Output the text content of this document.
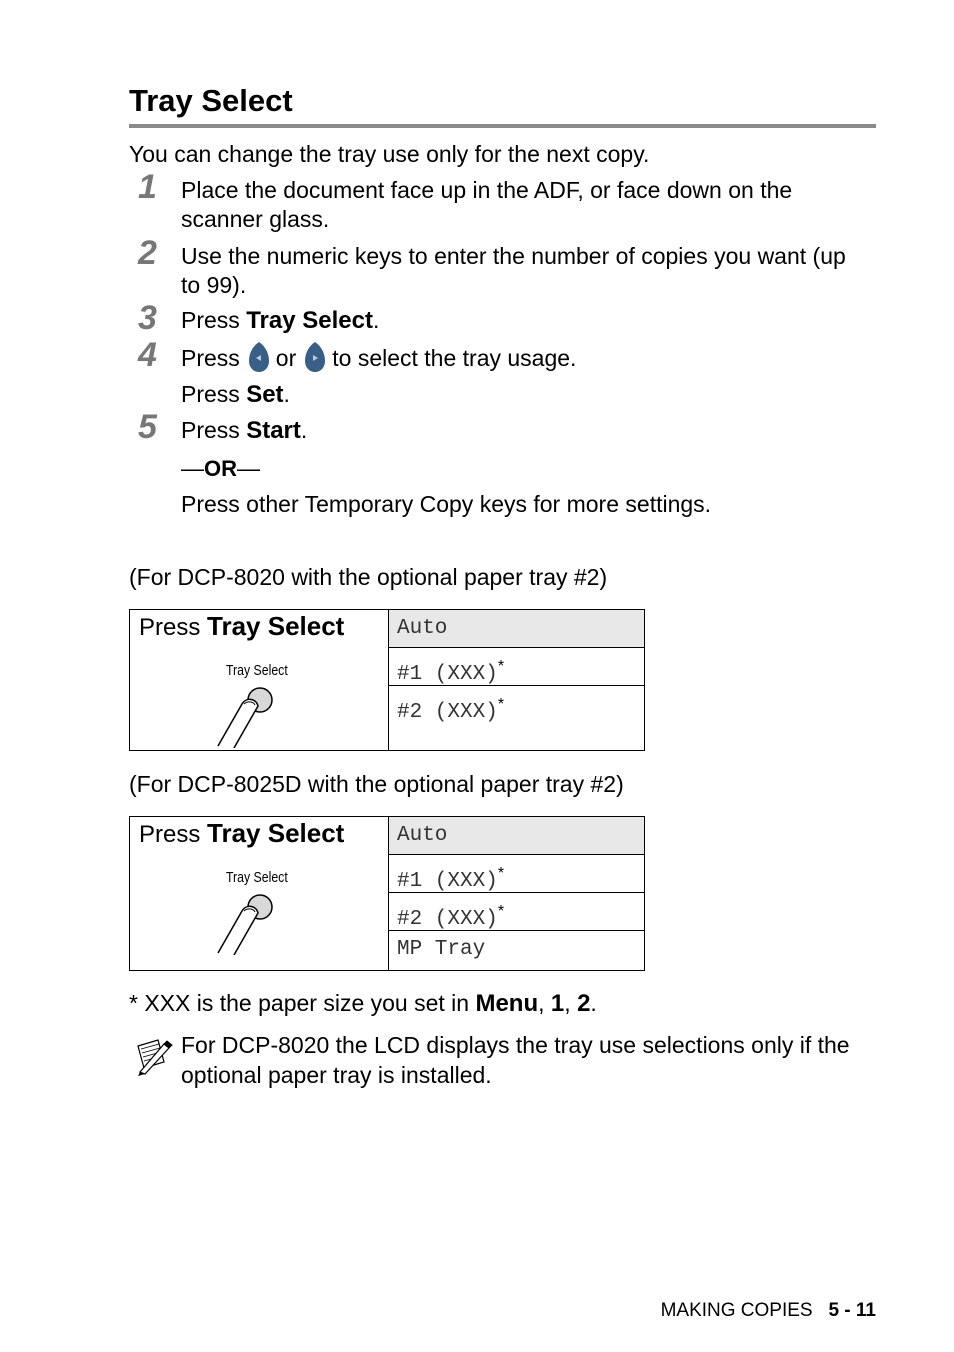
Tray Select
You can change the tray use only for the next copy.
1 Place the document face up in the ADF, or face down on the scanner glass.
2 Use the numeric keys to enter the number of copies you want (up to 99).
3 Press Tray Select.
4 Press or to select the tray usage.
Press Set.
5 Press Start.
—OR—
Press other Temporary Copy keys for more settings.
(For DCP-8020 with the optional paper tray #2)
Press Tray Select
Tray Select
Auto
#1 (XXX)*
#2 (XXX)*
(For DCP-8025D with the optional paper tray #2)
Press Tray Select
Tray Select
Auto
#1 (XXX)*
#2 (XXX)*
MP Tray
* XXX is the paper size you set in Menu, 1, 2.
For DCP-8020 the LCD displays the tray use selections only if the optional paper tray is installed.
MAKING COPIES 5 - 11
